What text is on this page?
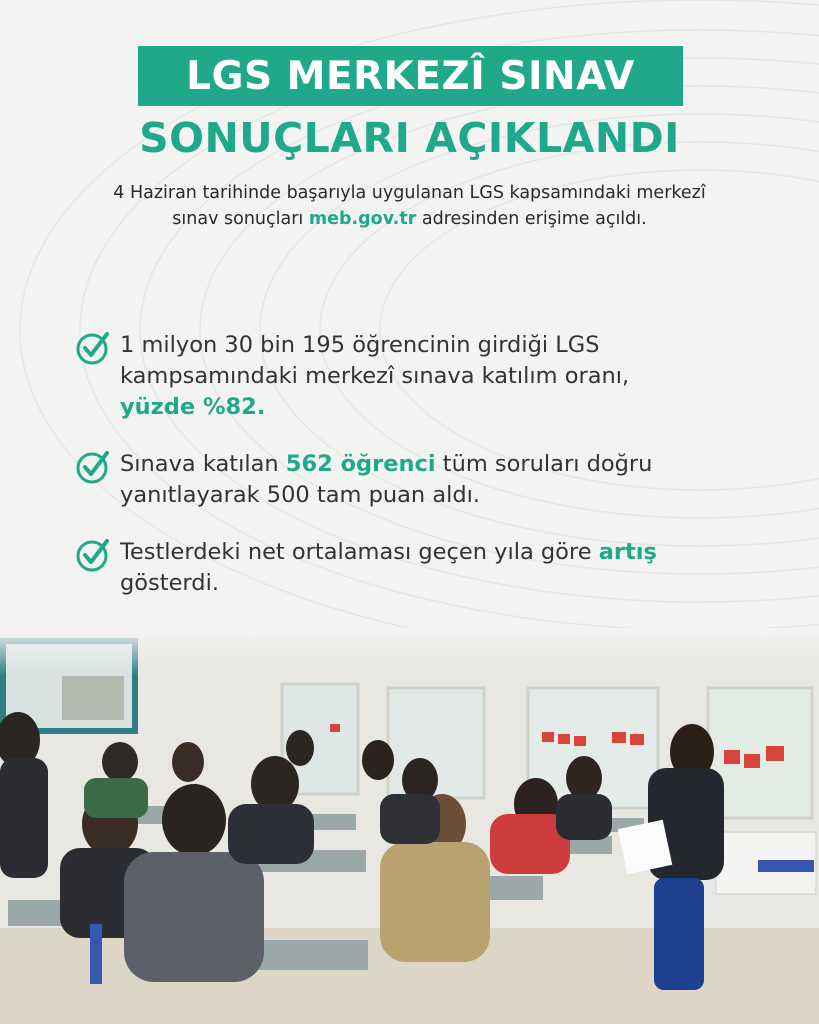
LGS MERKEZÎ SINAV
SONUÇLARI AÇIKLANDI
4 Haziran tarihinde başarıyla uygulanan LGS kapsamındaki merkezî
sınav sonuçları meb.gov.tr adresinden erişime açıldı.
1 milyon 30 bin 195 öğrencinin girdiği LGS kampsamındaki merkezî sınava katılım oranı,
yüzde %82.
Sınava katılan 562 öğrenci tüm soruları doğru yanıtlayarak 500 tam puan aldı.
Testlerdeki net ortalaması geçen yıla göre artış gösterdi.
